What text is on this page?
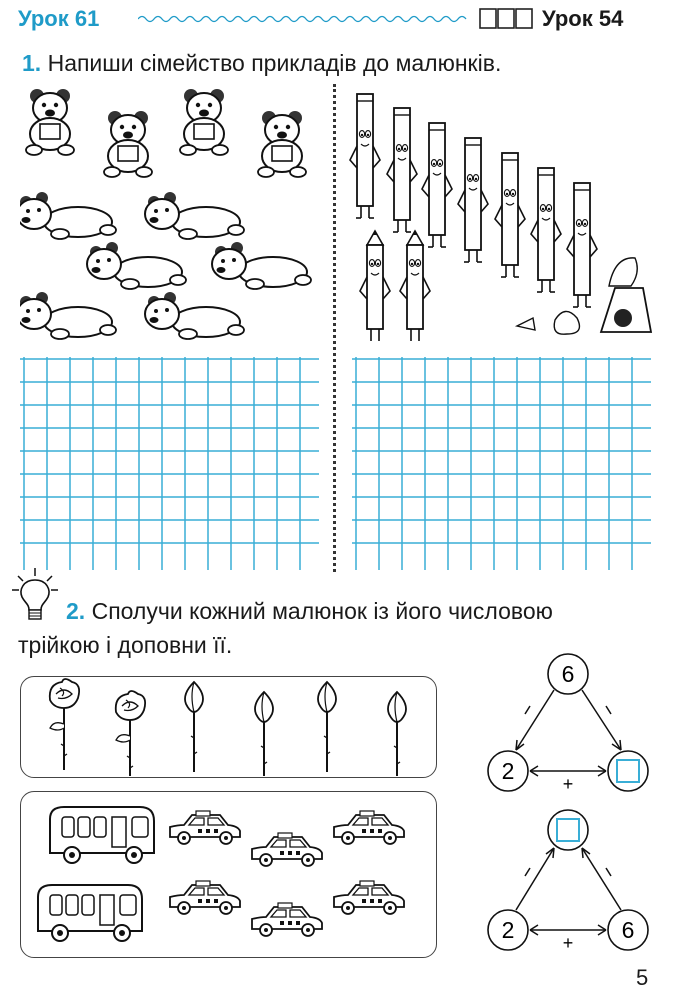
Урок 61	Урок 54
1. Напиши сімейство прикладів до малюнків.
2. Сполучи кожний малюнок із його числовою
трійкою і доповни її.
6
2	+
2	6
+
5
